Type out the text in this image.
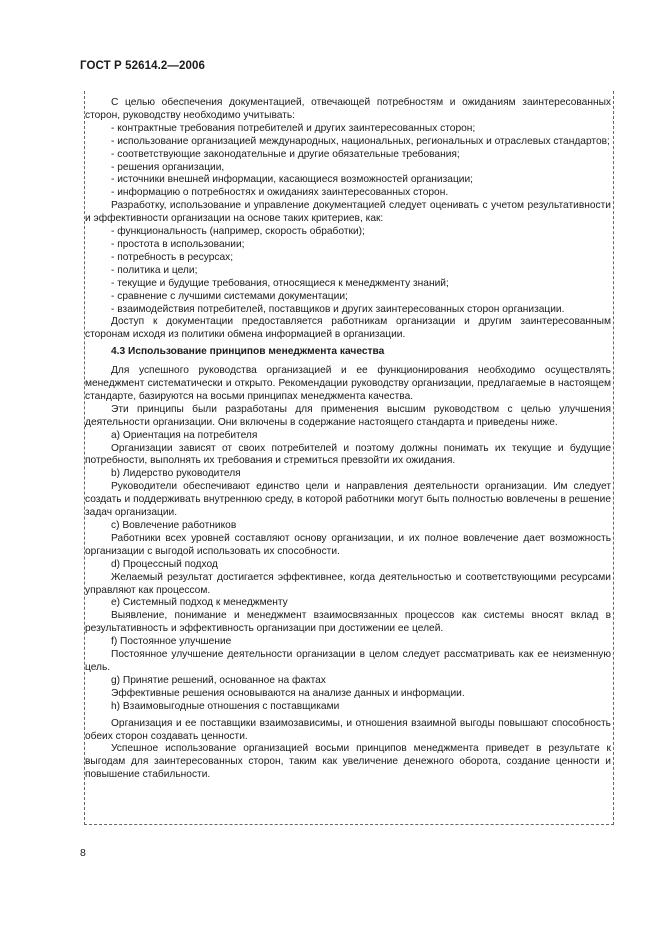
ГОСТ Р 52614.2—2006

С целью обеспечения документацией, отвечающей потребностям и ожиданиям заинтересованных сторон, руководству необходимо учитывать:

- контрактные требования потребителей и других заинтересованных сторон;

- использование организацией международных, национальных, региональных и отраслевых стандартов;

- соответствующие законодательные и другие обязательные требования;

- решения организации,

- источники внешней информации, касающиеся возможностей организации;

- информацию о потребностях и ожиданиях заинтересованных сторон.

Разработку, использование и управление документацией следует оценивать с учетом результативности и эффективности организации на основе таких критериев, как:

- функциональность (например, скорость обработки);

- простота в использовании;

- потребность в ресурсах;

- политика и цели;

- текущие и будущие требования, относящиеся к менеджменту знаний;

- сравнение с лучшими системами документации;

- взаимодействия потребителей, поставщиков и других заинтересованных сторон организации.

Доступ к документации предоставляется работникам организации и другим заинтересованным сторонам исходя из политики обмена информацией в организации.

4.3 Использование принципов менеджмента качества

Для успешного руководства организацией и ее функционирования необходимо осуществлять менеджмент систематически и открыто. Рекомендации руководству организации, предлагаемые в настоящем стандарте, базируются на восьми принципах менеджмента качества.

Эти принципы были разработаны для применения высшим руководством с целью улучшения деятельности организации. Они включены в содержание настоящего стандарта и приведены ниже.

a) Ориентация на потребителя

Организации зависят от своих потребителей и поэтому должны понимать их текущие и будущие потребности, выполнять их требования и стремиться превзойти их ожидания.

b) Лидерство руководителя

Руководители обеспечивают единство цели и направления деятельности организации. Им следует создать и поддерживать внутреннюю среду, в которой работники могут быть полностью вовлечены в решение задач организации.

c) Вовлечение работников

Работники всех уровней составляют основу организации, и их полное вовлечение дает возможность организации с выгодой использовать их способности.

d) Процессный подход

Желаемый результат достигается эффективнее, когда деятельностью и соответствующими ресурсами управляют как процессом.

e) Системный подход к менеджменту

Выявление, понимание и менеджмент взаимосвязанных процессов как системы вносят вклад в результативность и эффективность организации при достижении ее целей.

f) Постоянное улучшение

Постоянное улучшение деятельности организации в целом следует рассматривать как ее неизменную цель.

g) Принятие решений, основанное на фактах

Эффективные решения основываются на анализе данных и информации.

h) Взаимовыгодные отношения с поставщиками

Организация и ее поставщики взаимозависимы, и отношения взаимной выгоды повышают способность обеих сторон создавать ценности.

Успешное использование организацией восьми принципов менеджмента приведет в результате к выгодам для заинтересованных сторон, таким как увеличение денежного оборота, создание ценности и повышение стабильности.

8
